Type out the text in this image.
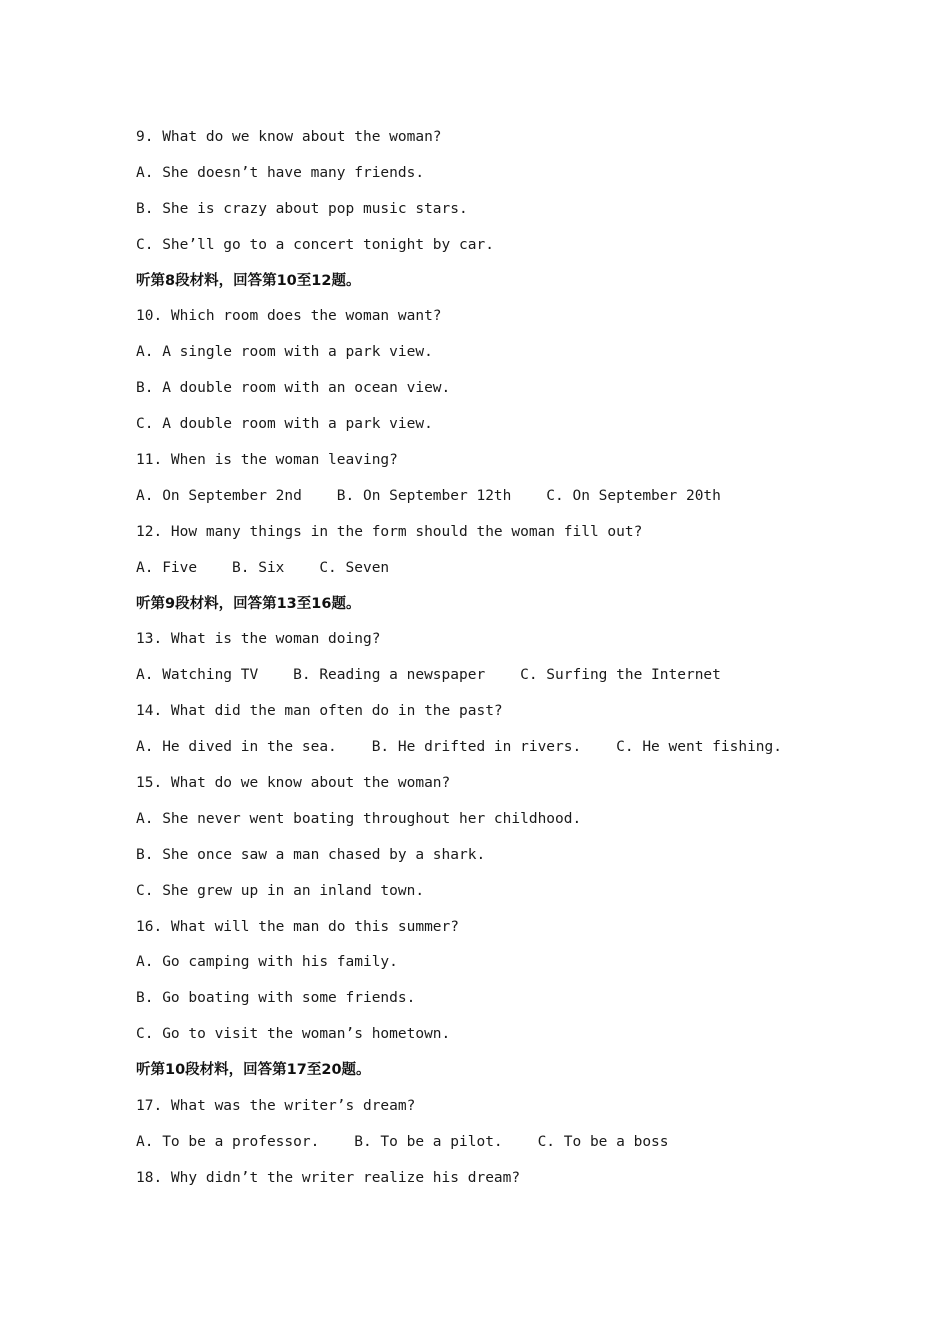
9. What do we know about the woman?
A. She doesn’t have many friends.
B. She is crazy about pop music stars.
C. She’ll go to a concert tonight by car.
听第8段材料，回答第10至12题。
10. Which room does the woman want?
A. A single room with a park view.
B. A double room with an ocean view.
C. A double room with a park view.
11. When is the woman leaving?
A. On September 2nd    B. On September 12th    C. On September 20th
12. How many things in the form should the woman fill out?
A. Five    B. Six    C. Seven
听第9段材料，回答第13至16题。
13. What is the woman doing?
A. Watching TV    B. Reading a newspaper    C. Surfing the Internet
14. What did the man often do in the past?
A. He dived in the sea.    B. He drifted in rivers.    C. He went fishing.
15. What do we know about the woman?
A. She never went boating throughout her childhood.
B. She once saw a man chased by a shark.
C. She grew up in an inland town.
16. What will the man do this summer?
A. Go camping with his family.
B. Go boating with some friends.
C. Go to visit the woman’s hometown.
听第10段材料，回答第17至20题。
17. What was the writer’s dream?
A. To be a professor.    B. To be a pilot.    C. To be a boss
18. Why didn’t the writer realize his dream?
